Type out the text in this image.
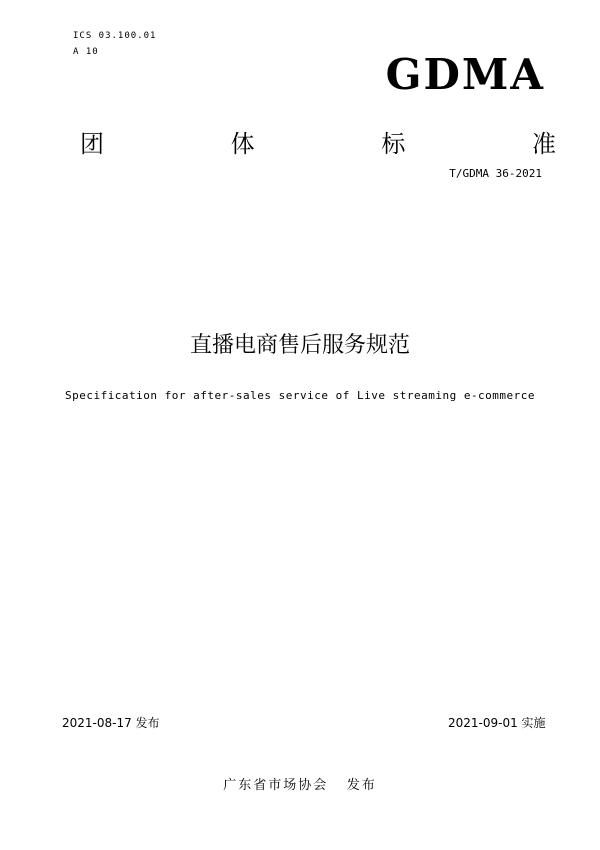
ICS 03.100.01
A 10	GDMA
团	体	标	准
T/GDMA 36-2021
直播电商售后服务规范
Specification for after-sales service of Live streaming e-commerce
2021-08-17 发布	2021-09-01 实施
广东省市场协会   发布
